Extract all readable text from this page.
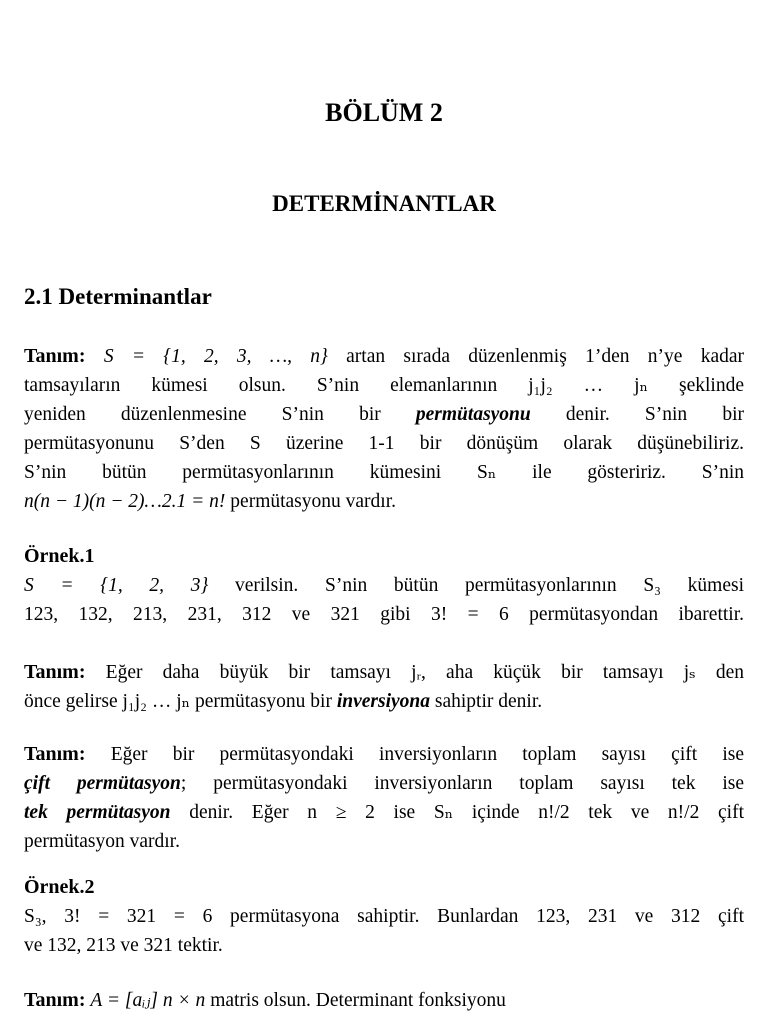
BÖLÜM 2
DETERMİNANTLAR
2.1 Determinantlar
Tanım: S = {1, 2, 3, …, n} artan sırada düzenlenmiş 1’den n’ye kadar
tamsayıların kümesi olsun. S’nin elemanlarının j₁j₂ … jₙ şeklinde
yeniden düzenlenmesine S’nin bir permütasyonu denir. S’nin bir
permütasyonunu S’den S üzerine 1-1 bir dönüşüm olarak düşünebiliriz.
S’nin bütün permütasyonlarının kümesini Sₙ ile gösteririz. S’nin
n(n − 1)(n − 2)…2.1 = n! permütasyonu vardır.
Örnek.1
S = {1, 2, 3} verilsin. S’nin bütün permütasyonlarının S₃ kümesi
123, 132, 213, 231, 312 ve 321 gibi 3! = 6 permütasyondan ibarettir.
Tanım: Eğer daha büyük bir tamsayı jᵣ, aha küçük bir tamsayı jₛ den
önce gelirse j₁j₂ … jₙ permütasyonu bir inversiyona sahiptir denir.
Tanım: Eğer bir permütasyondaki inversiyonların toplam sayısı çift ise
çift permütasyon; permütasyondaki inversiyonların toplam sayısı tek ise
tek permütasyon denir. Eğer n ≥ 2 ise Sₙ içinde n!/2 tek ve n!/2 çift
permütasyon vardır.
Örnek.2
S₃, 3! = 321 = 6 permütasyona sahiptir. Bunlardan 123, 231 ve 312 çift
ve 132, 213 ve 321 tektir.
Tanım: A = [aᵢⱼ] n × n matris olsun. Determinant fonksiyonu
